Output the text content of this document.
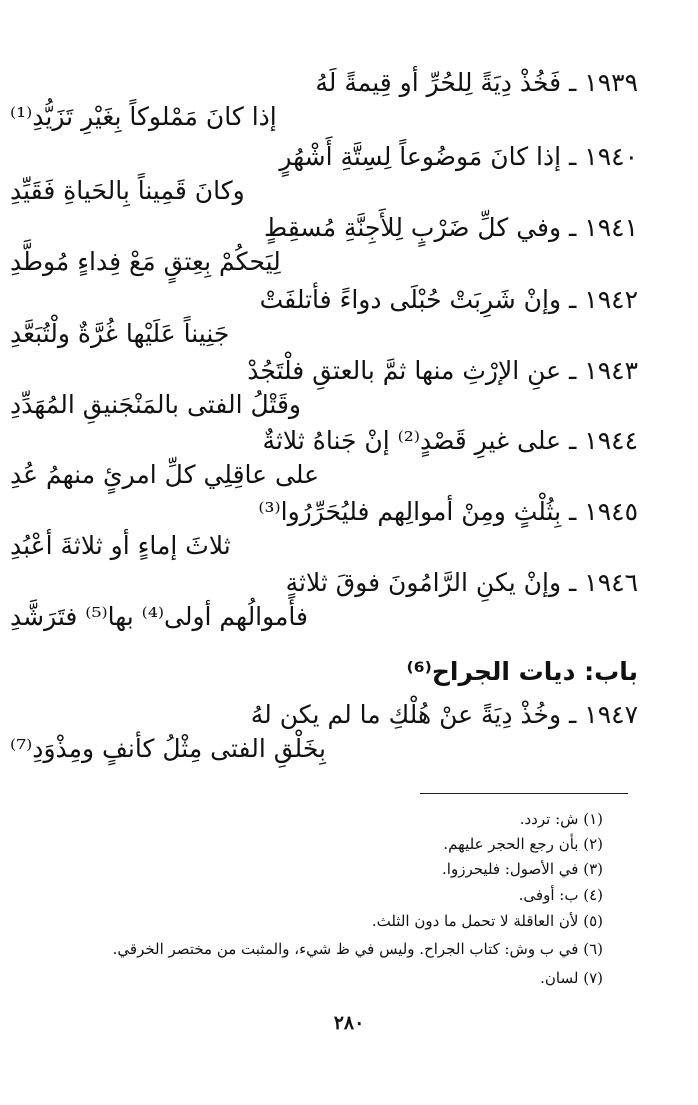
١٩٣٩ ـ فَخُذْ دِيَةً لِلحُرِّ أو قِيمةً لَهُ
إذا كانَ مَمْلوكاً بِغَيْرِ تَزَيُّدِ⁽¹⁾
١٩٤٠ ـ إذا كانَ مَوضُوعاً لِسِتَّةِ أَشْهُرٍ
وكانَ قَمِيناً بِالحَياةِ فَقَيِّدِ
١٩٤١ ـ وفي كلِّ ضَرْبٍ لِلأَجِنَّةِ مُسقِطٍ
لِيَحكُمْ بِعِتقٍ مَعْ فِداءٍ مُوطَّدِ
١٩٤٢ ـ وإنْ شَرِبَتْ حُبْلَى دواءً فأتلفَتْ
جَنِيناً عَلَيْها غُرَّةٌ ولْتُبَعَّدِ
١٩٤٣ ـ عنِ الإرْثِ منها ثمَّ بالعتقِ فلْتَجُدْ
وقَتْلُ الفتى بالمَنْجَنيقِ المُهَدِّدِ
١٩٤٤ ـ على غيرِ قَصْدٍ⁽²⁾ إنْ جَناهُ ثلاثةٌ
على عاقِلِي كلِّ امرئٍ منهمُ عُدِ
١٩٤٥ ـ بِثُلْثٍ ومِنْ أموالِهم فليُحَرِّرُوا⁽³⁾
ثلاثَ إماءٍ أو ثلاثةَ أعْبُدِ
١٩٤٦ ـ وإنْ يكنِ الرَّامُونَ فوقَ ثلاثةٍ
فأموالُهم أولى⁽⁴⁾ بها⁽⁵⁾ فتَرَشَّدِ
باب: ديات الجراح⁽⁶⁾
١٩٤٧ ـ وخُذْ دِيَةً عنْ هُلْكِ ما لم يكن لهُ
بِخَلْقِ الفتى مِثْلُ كأنفٍ ومِذْوَدِ⁽⁷⁾
(١) ش: تردد.
(٢) بأن رجع الحجر عليهم.
(٣) في الأصول: فليحرزوا.
(٤) ب: أوفى.
(٥) لأن العاقلة لا تحمل ما دون الثلث.
(٦) في ب وش: كتاب الجراح. وليس في ظ شيء، والمثبت من مختصر الخرقي.
(٧) لسان.
٢٨٠
